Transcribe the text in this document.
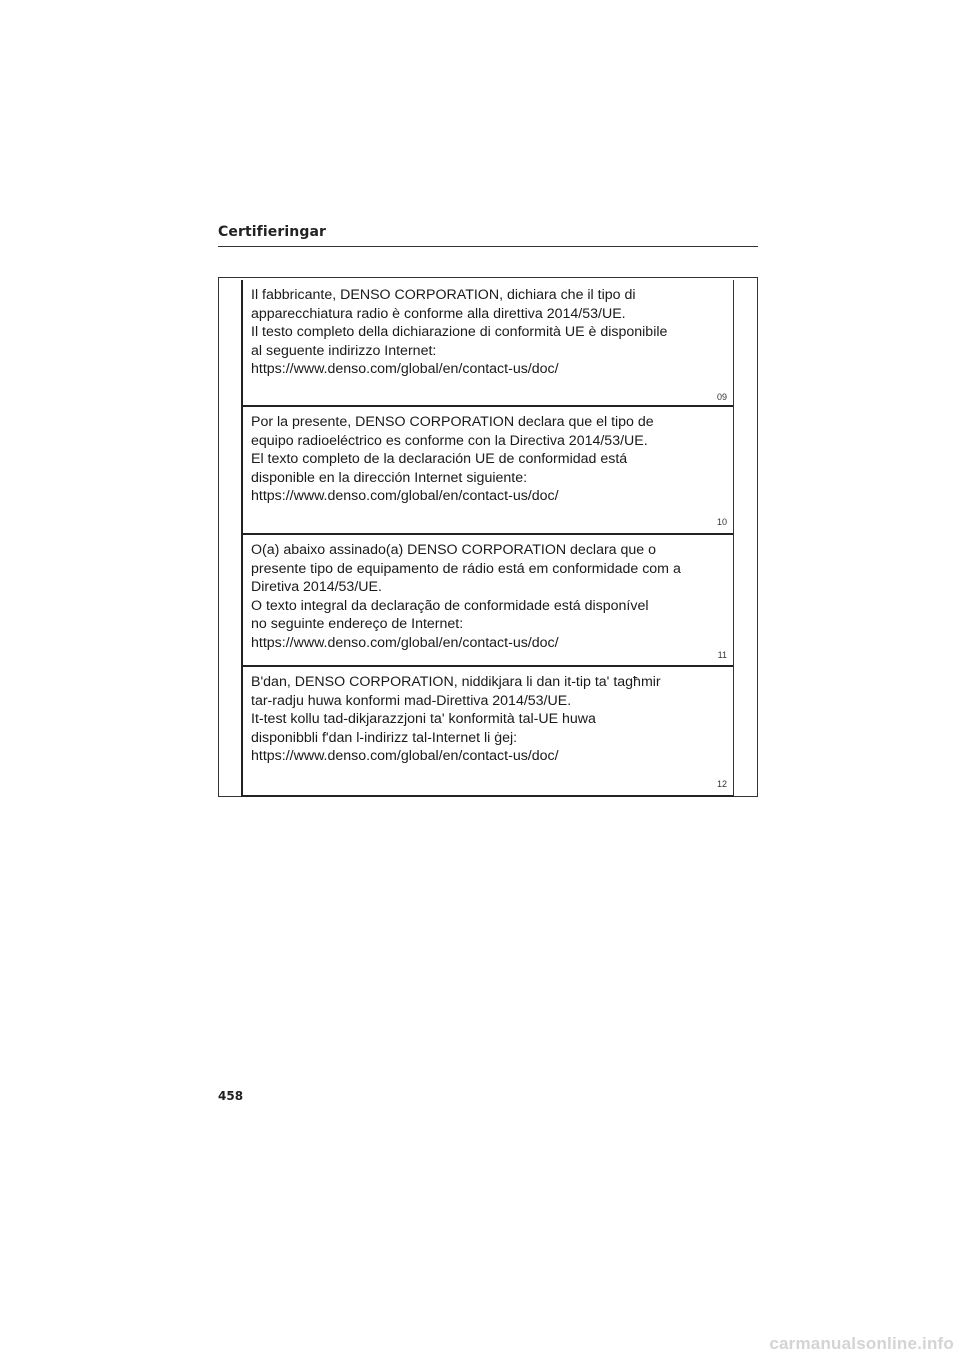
Certifieringar
Il fabbricante, DENSO CORPORATION, dichiara che il tipo di
apparecchiatura radio è conforme alla direttiva 2014/53/UE.
Il testo completo della dichiarazione di conformità UE è disponibile
al seguente indirizzo Internet:
https://www.denso.com/global/en/contact-us/doc/
09
Por la presente, DENSO CORPORATION declara que el tipo de
equipo radioeléctrico es conforme con la Directiva 2014/53/UE.
El texto completo de la declaración UE de conformidad está
disponible en la dirección Internet siguiente:
https://www.denso.com/global/en/contact-us/doc/
10
O(a) abaixo assinado(a) DENSO CORPORATION declara que o
presente tipo de equipamento de rádio está em conformidade com a
Diretiva 2014/53/UE.
O texto integral da declaração de conformidade está disponível
no seguinte endereço de Internet:
https://www.denso.com/global/en/contact-us/doc/
11
B'dan, DENSO CORPORATION, niddikjara li dan it-tip ta' tagħmir
tar-radju huwa konformi mad-Direttiva 2014/53/UE.
It-test kollu tad-dikjarazzjoni ta' konformità tal-UE huwa
disponibbli f'dan l-indirizz tal-Internet li ġej:
https://www.denso.com/global/en/contact-us/doc/
12
458
carmanualsonline.info
